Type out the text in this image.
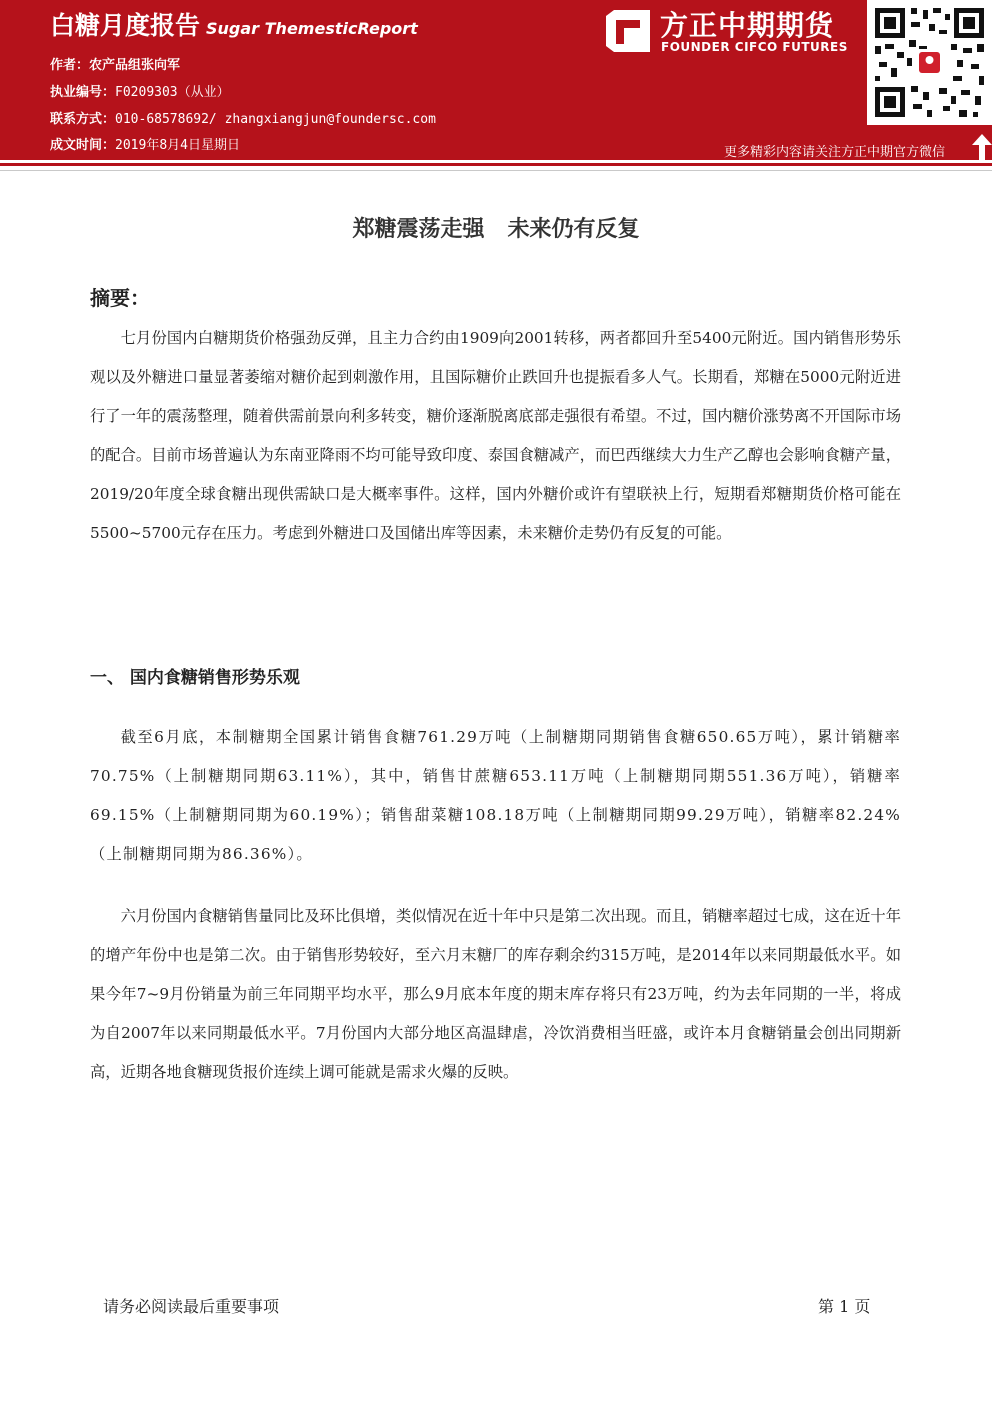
白糖月度报告 Sugar ThemesticReport
作者：农产品组张向军
执业编号：F0209303（从业）
联系方式：010-68578692/ zhangxiangjun@foundersc.com
成文时间：2019年8月4日星期日
方正中期期货
FOUNDER CIFCO FUTURES
更多精彩内容请关注方正中期官方微信
郑糖震荡走强   未来仍有反复
摘要：

七月份国内白糖期货价格强劲反弹，且主力合约由1909向2001转移，两者都回升至5400元附近。国内销售形势乐观以及外糖进口量显著萎缩对糖价起到刺激作用，且国际糖价止跌回升也提振看多人气。长期看，郑糖在5000元附近进行了一年的震荡整理，随着供需前景向利多转变，糖价逐渐脱离底部走强很有希望。不过，国内糖价涨势离不开国际市场的配合。目前市场普遍认为东南亚降雨不均可能导致印度、泰国食糖减产，而巴西继续大力生产乙醇也会影响食糖产量，2019/20年度全球食糖出现供需缺口是大概率事件。这样，国内外糖价或许有望联袂上行，短期看郑糖期货价格可能在5500~5700元存在压力。考虑到外糖进口及国储出库等因素，未来糖价走势仍有反复的可能。

一、 国内食糖销售形势乐观

截至6月底，本制糖期全国累计销售食糖761.29万吨（上制糖期同期销售食糖650.65万吨），累计销糖率70.75%（上制糖期同期63.11%），其中，销售甘蔗糖653.11万吨（上制糖期同期551.36万吨），销糖率69.15%（上制糖期同期为60.19%）；销售甜菜糖108.18万吨（上制糖期同期99.29万吨），销糖率82.24%（上制糖期同期为86.36%）。

六月份国内食糖销售量同比及环比俱增，类似情况在近十年中只是第二次出现。而且，销糖率超过七成，这在近十年的增产年份中也是第二次。由于销售形势较好，至六月末糖厂的库存剩余约315万吨，是2014年以来同期最低水平。如果今年7~9月份销量为前三年同期平均水平，那么9月底本年度的期末库存将只有23万吨，约为去年同期的一半，将成为自2007年以来同期最低水平。7月份国内大部分地区高温肆虐，冷饮消费相当旺盛，或许本月食糖销量会创出同期新高，近期各地食糖现货报价连续上调可能就是需求火爆的反映。

请务必阅读最后重要事项	第 1 页
